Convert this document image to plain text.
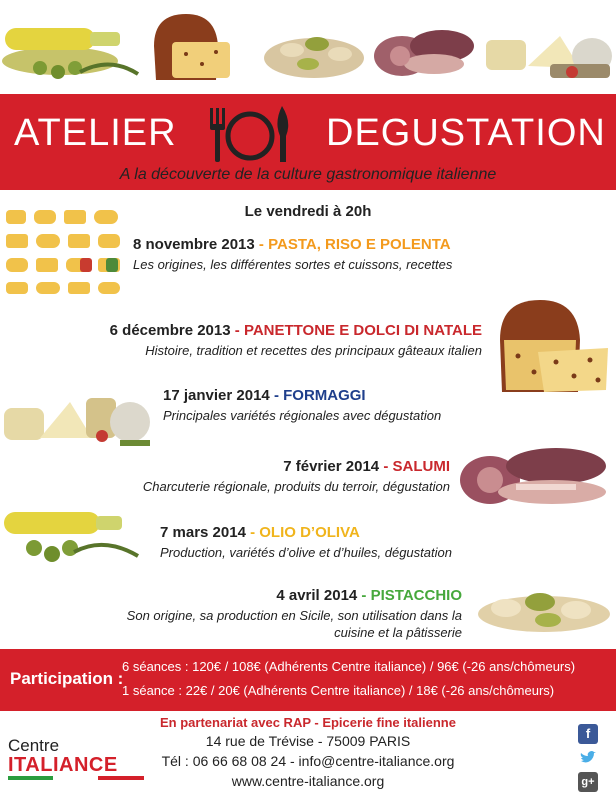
ATELIER	DEGUSTATION
A la découverte de la culture gastronomique italienne
Le vendredi à 20h
8 novembre 2013 - PASTA, RISO E POLENTA
Les origines, les différentes sortes et cuissons, recettes
6 décembre 2013 - PANETTONE E DOLCI DI NATALE
Histoire, tradition et recettes des principaux gâteaux italien
17 janvier 2014 - FORMAGGI
Principales variétés régionales avec dégustation
7 février 2014 - SALUMI
Charcuterie régionale, produits du terroir, dégustation
7 mars 2014 - OLIO D’OLIVA
Production, variétés d’olive et d’huiles, dégustation
4 avril 2014 - PISTACCHIO
Son origine, sa production en Sicile, son utilisation dans la
cuisine et la pâtisserie
Participation :
6 séances : 120€ / 108€ (Adhérents Centre italiance) / 96€ (-26 ans/chômeurs)
1 séance : 22€ / 20€ (Adhérents Centre italiance) / 18€ (-26 ans/chômeurs)
Centre
ITALIANCE
En partenariat avec RAP - Epicerie fine italienne
14 rue de Trévise - 75009 PARIS
Tél : 06 66 68 08 24 - info@centre-italiance.org
www.centre-italiance.org
f
g+
